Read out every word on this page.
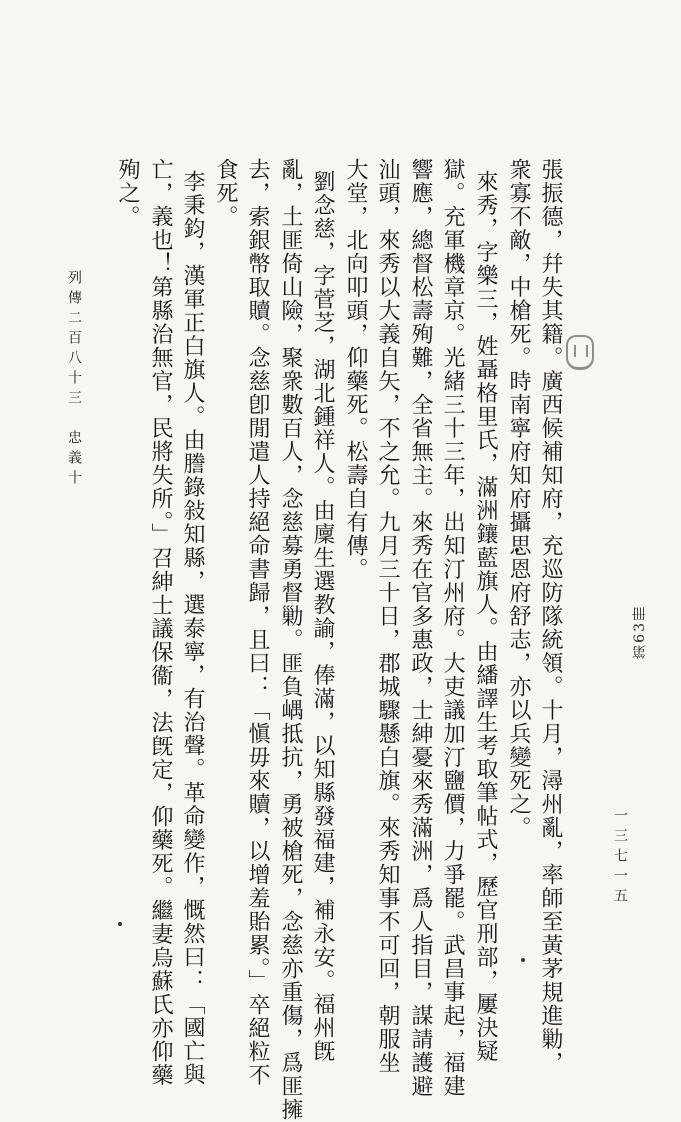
第63冊
張振德，幷失其籍。廣西候補知府，充巡防隊統領。十月，潯州亂，率師至黃茅規進勦，
衆寡不敵，中槍死。時南寧府知府攝思恩府舒志，亦以兵變死之。
來秀，字樂三，姓聶格里氏，滿洲鑲藍旗人。由繙譯生考取筆帖式，歷官刑部，屢決疑
獄。充軍機章京。光緒三十三年，出知汀州府。大吏議加汀鹽價，力爭罷。武昌事起，福建
響應，總督松壽殉難，全省無主。來秀在官多惠政，士紳憂來秀滿洲，爲人指目，謀請護避
汕頭，來秀以大義自矢，不之允。九月三十日，郡城驟懸白旗。來秀知事不可回，朝服坐
大堂，北向叩頭，仰藥死。松壽自有傳。
劉念慈，字菅芝，湖北鍾祥人。由廩生選教諭，俸滿，以知縣發福建，補永安。福州旣
亂，土匪倚山險，聚衆數百人，念慈募勇督勦。匪負嵎抵抗，勇被槍死，念慈亦重傷，爲匪擁
去，索銀幣取贖。念慈卽閒遣人持絕命書歸，且曰：「愼毋來贖，以增羞貽累。」卒絕粒不
食死。
李秉鈞，漢軍正白旗人。由謄錄敍知縣，選泰寧，有治聲。革命變作，慨然曰：「國亡與
亡，義也！第縣治無官，民將失所。」召紳士議保衞，法旣定，仰藥死。繼妻烏蘇氏亦仰藥
殉之。
列傳二百八十三　忠義十
一三七一五
